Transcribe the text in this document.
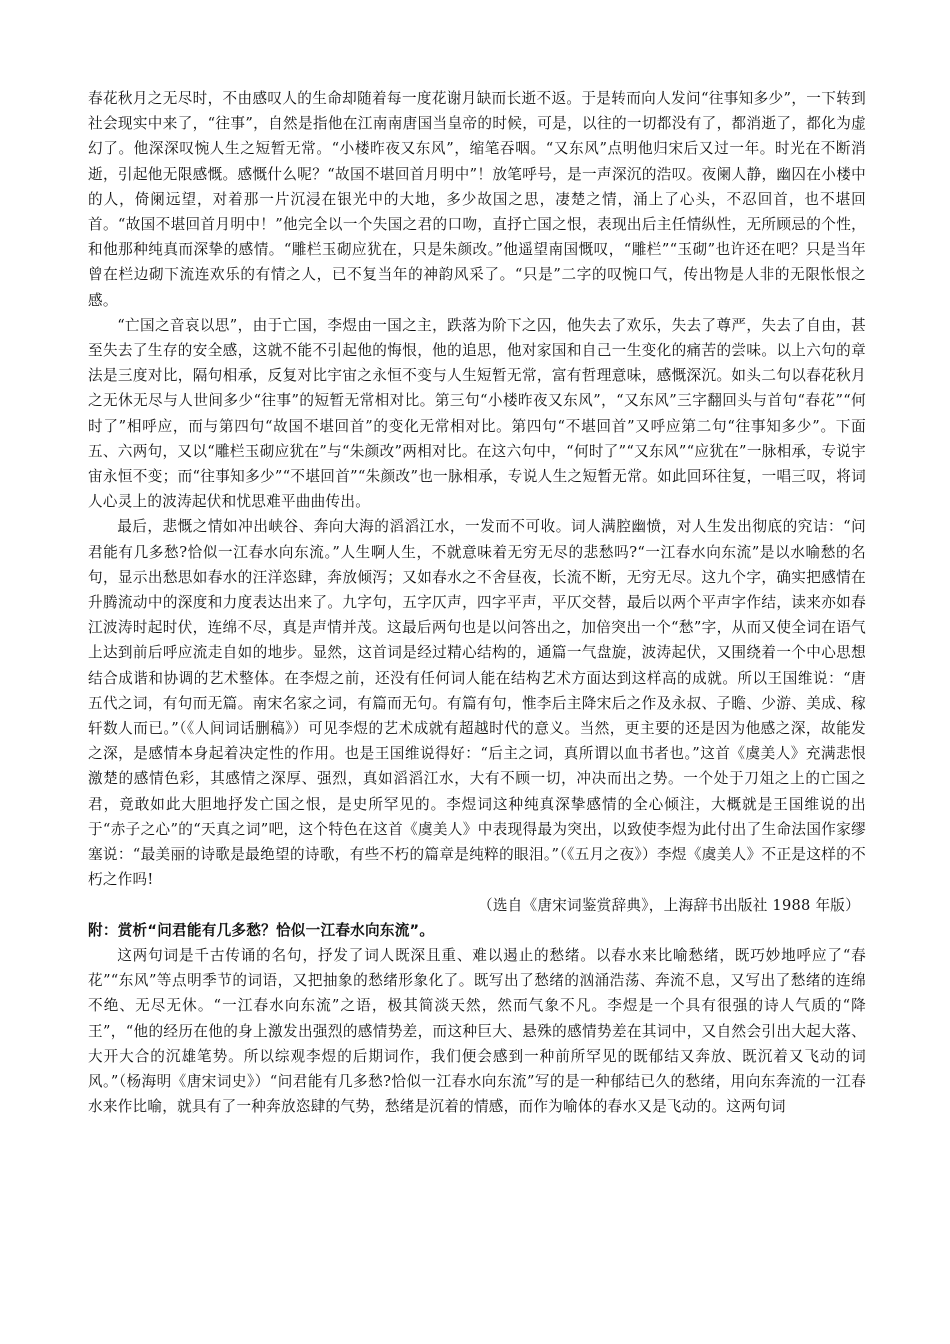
春花秋月之无尽时，不由感叹人的生命却随着每一度花谢月缺而长逝不返。于是转而向人发问“往事知多少”，一下转到社会现实中来了，“往事”，自然是指他在江南南唐国当皇帝的时候，可是，以往的一切都没有了，都消逝了，都化为虚幻了。他深深叹惋人生之短暂无常。“小楼昨夜又东风”，缩笔吞咽。“又东风”点明他归宋后又过一年。时光在不断消逝，引起他无限感慨。感慨什么呢？“故国不堪回首月明中”！放笔呼号，是一声深沉的浩叹。夜阑人静，幽囚在小楼中的人，倚阑远望，对着那一片沉浸在银光中的大地，多少故国之思，凄楚之情，涌上了心头，不忍回首，也不堪回首。“故国不堪回首月明中！”他完全以一个失国之君的口吻，直抒亡国之恨，表现出后主任情纵性，无所顾忌的个性，和他那种纯真而深挚的感情。“雕栏玉砌应犹在，只是朱颜改。”他遥望南国慨叹，“雕栏”“玉砌”也许还在吧？只是当年曾在栏边砌下流连欢乐的有情之人，已不复当年的神韵风采了。“只是”二字的叹惋口气，传出物是人非的无限怅恨之感。

“亡国之音哀以思”，由于亡国，李煜由一国之主，跌落为阶下之囚，他失去了欢乐，失去了尊严，失去了自由，甚至失去了生存的安全感，这就不能不引起他的悔恨，他的追思，他对家国和自己一生变化的痛苦的尝味。以上六句的章法是三度对比，隔句相承，反复对比宇宙之永恒不变与人生短暂无常，富有哲理意味，感慨深沉。如头二句以春花秋月之无休无尽与人世间多少“往事”的短暂无常相对比。第三句“小楼昨夜又东风”，“又东风”三字翻回头与首句“春花”“何时了”相呼应，而与第四句“故国不堪回首”的变化无常相对比。第四句“不堪回首”又呼应第二句“往事知多少”。下面五、六两句，又以“雕栏玉砌应犹在”与“朱颜改”两相对比。在这六句中，“何时了”“又东风”“应犹在”一脉相承，专说宇宙永恒不变；而“往事知多少”“不堪回首”“朱颜改”也一脉相承，专说人生之短暂无常。如此回环往复，一唱三叹，将词人心灵上的波涛起伏和忧思难平曲曲传出。

最后，悲慨之情如冲出峡谷、奔向大海的滔滔江水，一发而不可收。词人满腔幽愤，对人生发出彻底的究诘：“问君能有几多愁?恰似一江春水向东流。”人生啊人生，不就意味着无穷无尽的悲愁吗?“一江春水向东流”是以水喻愁的名句，显示出愁思如春水的汪洋恣肆，奔放倾泻；又如春水之不舍昼夜，长流不断，无穷无尽。这九个字，确实把感情在升腾流动中的深度和力度表达出来了。九字句，五字仄声，四字平声，平仄交替，最后以两个平声字作结，读来亦如春江波涛时起时伏，连绵不尽，真是声情并茂。这最后两句也是以问答出之，加倍突出一个“愁”字，从而又使全词在语气上达到前后呼应流走自如的地步。显然，这首词是经过精心结构的，通篇一气盘旋，波涛起伏，又围绕着一个中心思想结合成谐和协调的艺术整体。在李煜之前，还没有任何词人能在结构艺术方面达到这样高的成就。所以王国维说：“唐五代之词，有句而无篇。南宋名家之词，有篇而无句。有篇有句，惟李后主降宋后之作及永叔、子瞻、少游、美成、稼轩数人而已。”（《人间词话删稿》）可见李煜的艺术成就有超越时代的意义。当然，更主要的还是因为他感之深，故能发之深，是感情本身起着决定性的作用。也是王国维说得好：“后主之词，真所谓以血书者也。”这首《虞美人》充满悲恨激楚的感情色彩，其感情之深厚、强烈，真如滔滔江水，大有不顾一切，冲决而出之势。一个处于刀俎之上的亡国之君，竟敢如此大胆地抒发亡国之恨，是史所罕见的。李煜词这种纯真深挚感情的全心倾注，大概就是王国维说的出于“赤子之心”的“天真之词”吧，这个特色在这首《虞美人》中表现得最为突出，以致使李煜为此付出了生命法国作家缪塞说：“最美丽的诗歌是最绝望的诗歌，有些不朽的篇章是纯粹的眼泪。”（《五月之夜》）李煜《虞美人》不正是这样的不朽之作吗!

（选自《唐宋词鉴赏辞典》，上海辞书出版社 1988 年版）

附：赏析“问君能有几多愁？恰似一江春水向东流”。

这两句词是千古传诵的名句，抒发了词人既深且重、难以遏止的愁绪。以春水来比喻愁绪，既巧妙地呼应了“春花”“东风”等点明季节的词语，又把抽象的愁绪形象化了。既写出了愁绪的汹涌浩荡、奔流不息，又写出了愁绪的连绵不绝、无尽无休。“一江春水向东流”之语，极其简淡天然，然而气象不凡。李煜是一个具有很强的诗人气质的“降王”，“他的经历在他的身上激发出强烈的感情势差，而这种巨大、悬殊的感情势差在其词中，又自然会引出大起大落、大开大合的沉雄笔势。所以综观李煜的后期词作，我们便会感到一种前所罕见的既郁结又奔放、既沉着又飞动的词风。”（杨海明《唐宋词史》）“问君能有几多愁?恰似一江春水向东流”写的是一种郁结已久的愁绪，用向东奔流的一江春水来作比喻，就具有了一种奔放恣肆的气势，愁绪是沉着的情感，而作为喻体的春水又是飞动的。这两句词
